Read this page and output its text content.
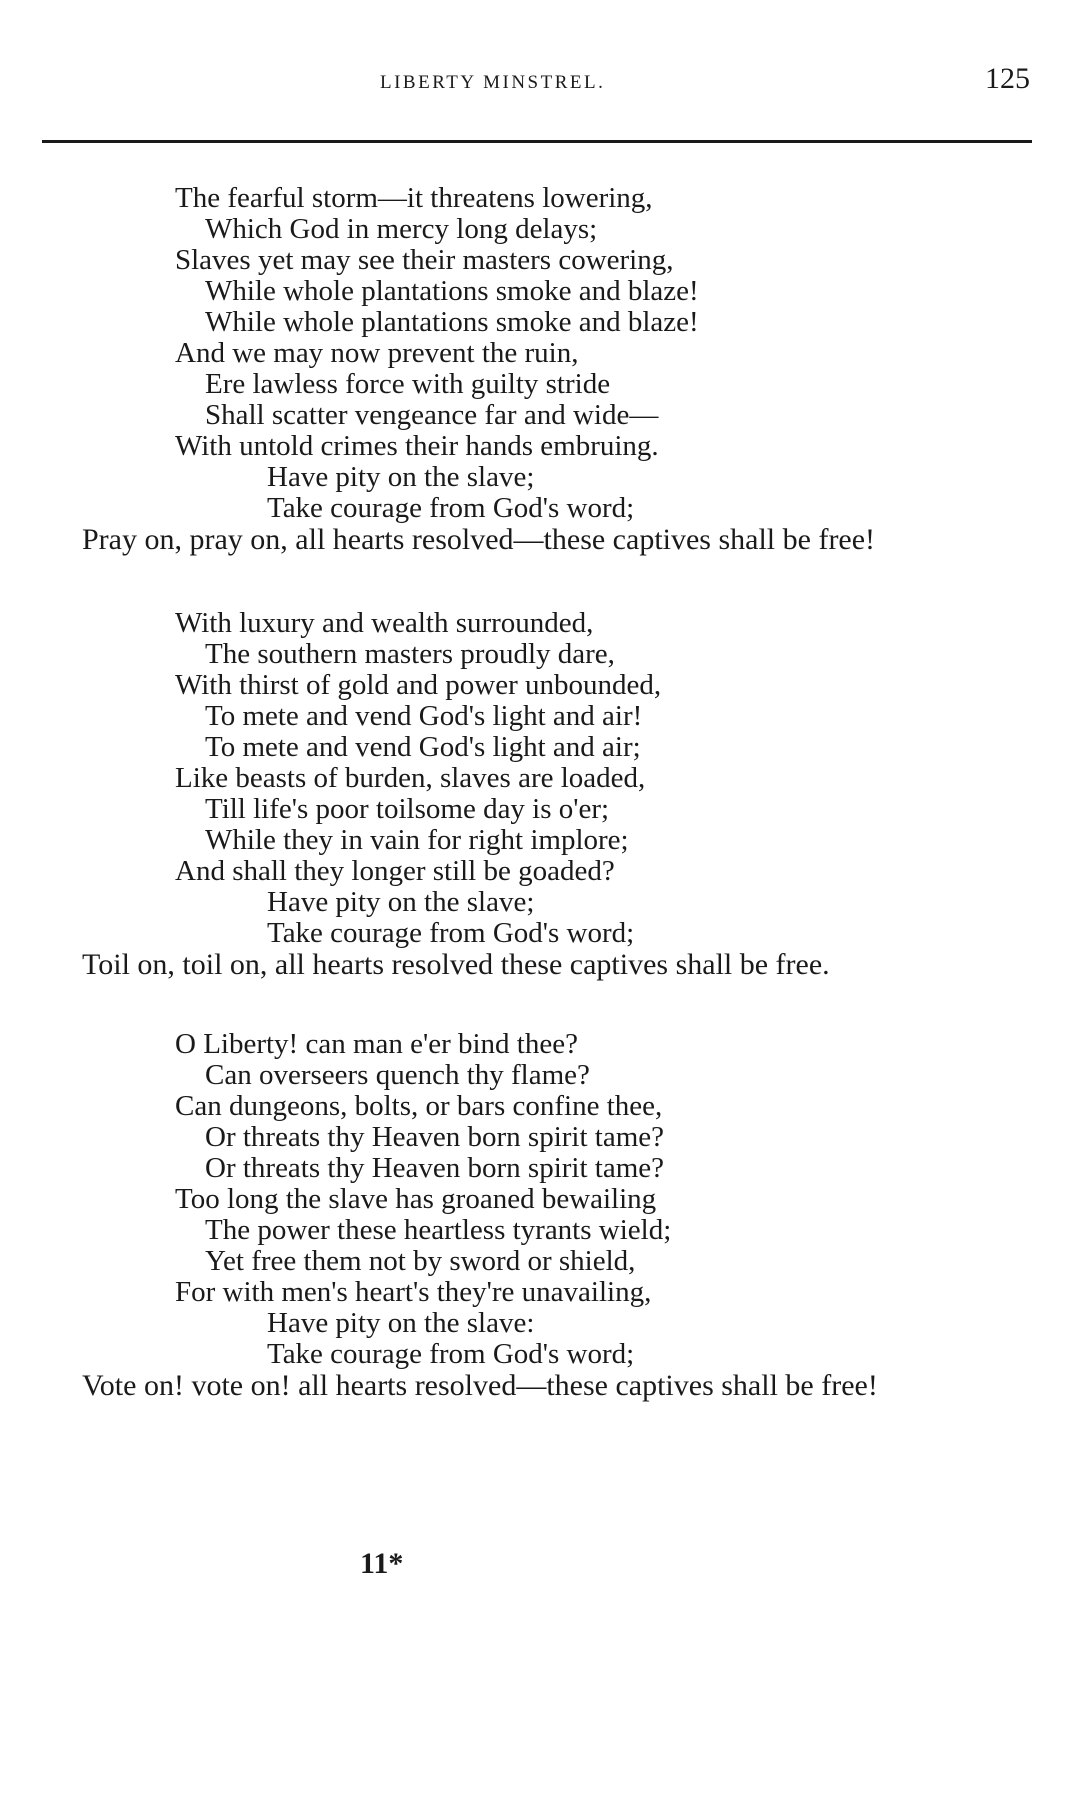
LIBERTY MINSTREL.	125
The fearful storm—it threatens lowering,
Which God in mercy long delays;
Slaves yet may see their masters cowering,
While whole plantations smoke and blaze!
While whole plantations smoke and blaze!
And we may now prevent the ruin,
Ere lawless force with guilty stride
Shall scatter vengeance far and wide—
With untold crimes their hands embruing.
Have pity on the slave;
Take courage from God's word;
Pray on, pray on, all hearts resolved—these captives shall be free!
With luxury and wealth surrounded,
The southern masters proudly dare,
With thirst of gold and power unbounded,
To mete and vend God's light and air!
To mete and vend God's light and air;
Like beasts of burden, slaves are loaded,
Till life's poor toilsome day is o'er;
While they in vain for right implore;
And shall they longer still be goaded?
Have pity on the slave;
Take courage from God's word;
Toil on, toil on, all hearts resolved these captives shall be free.
O Liberty! can man e'er bind thee?
Can overseers quench thy flame?
Can dungeons, bolts, or bars confine thee,
Or threats thy Heaven born spirit tame?
Or threats thy Heaven born spirit tame?
Too long the slave has groaned bewailing
The power these heartless tyrants wield;
Yet free them not by sword or shield,
For with men's heart's they're unavailing,
Have pity on the slave:
Take courage from God's word;
Vote on! vote on! all hearts resolved—these captives shall be free!
11*
